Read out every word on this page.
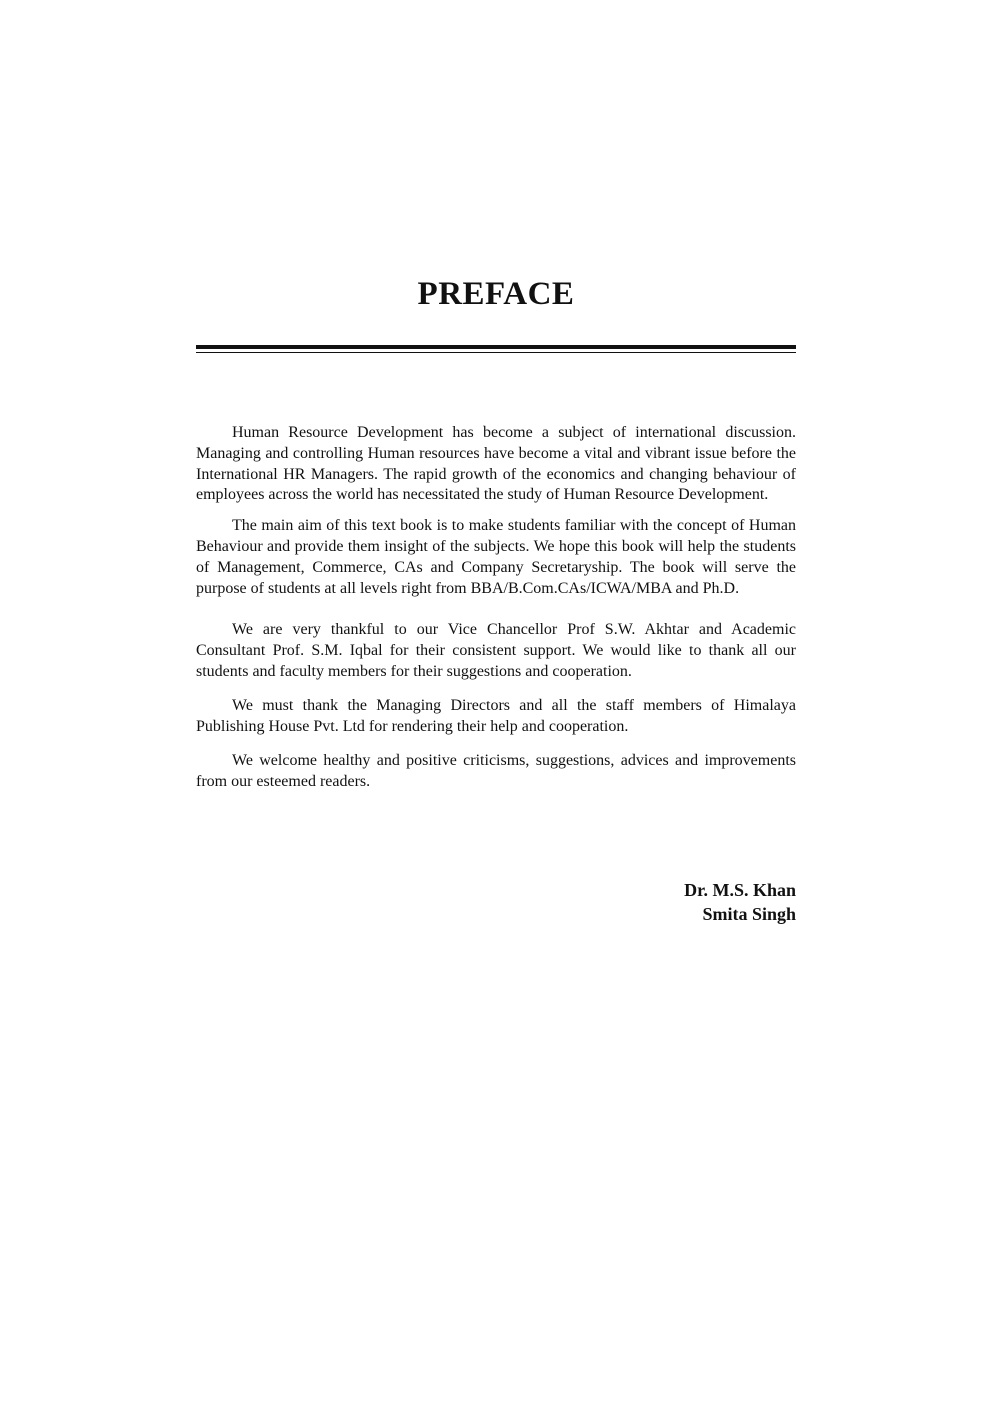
PREFACE

Human Resource Development has become a subject of international discussion. Managing and controlling Human resources have become a vital and vibrant issue before the International HR Managers. The rapid growth of the economics and changing behaviour of employees across the world has necessitated the study of Human Resource Development.

The main aim of this text book is to make students familiar with the concept of Human Behaviour and provide them insight of the subjects. We hope this book will help the students of Management, Commerce, CAs and Company Secretaryship. The book will serve the purpose of students at all levels right from BBA/B.Com.CAs/ICWA/MBA and Ph.D.

We are very thankful to our Vice Chancellor Prof S.W. Akhtar and Academic Consultant Prof. S.M. Iqbal for their consistent support. We would like to thank all our students and faculty members for their suggestions and cooperation.

We must thank the Managing Directors and all the staff members of Himalaya Publishing House Pvt. Ltd for rendering their help and cooperation.

We welcome healthy and positive criticisms, suggestions, advices and improvements from our esteemed readers.

Dr. M.S. Khan
Smita Singh
